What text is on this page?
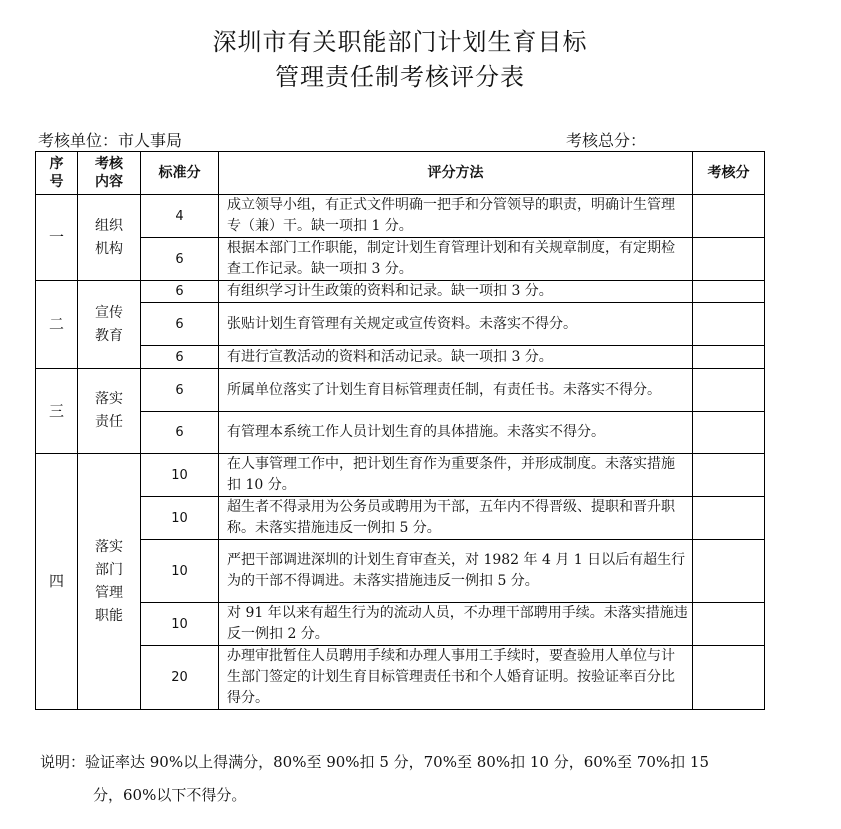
深圳市有关职能部门计划生育目标
管理责任制考核评分表
考核单位：市人事局	考核总分：
序号	考核内容	标准分	评分方法	考核分
一	组织机构	4	成立领导小组，有正式文件明确一把手和分管领导的职责，明确计生管理专（兼）干。缺一项扣 1 分。	
		6	根据本部门工作职能，制定计划生育管理计划和有关规章制度，有定期检查工作记录。缺一项扣 3 分。	
二	宣传教育	6	有组织学习计生政策的资料和记录。缺一项扣 3 分。	
		6	张贴计划生育管理有关规定或宣传资料。未落实不得分。	
		6	有进行宣教活动的资料和活动记录。缺一项扣 3 分。	
三	落实责任	6	所属单位落实了计划生育目标管理责任制，有责任书。未落实不得分。	
		6	有管理本系统工作人员计划生育的具体措施。未落实不得分。	
四	落实部门管理职能	10	在人事管理工作中，把计划生育作为重要条件，并形成制度。未落实措施扣 10 分。	
		10	超生者不得录用为公务员或聘用为干部，五年内不得晋级、提职和晋升职称。未落实措施违反一例扣 5 分。	
		10	严把干部调进深圳的计划生育审查关，对 1982 年 4 月 1 日以后有超生行为的干部不得调进。未落实措施违反一例扣 5 分。	
		10	对 91 年以来有超生行为的流动人员，不办理干部聘用手续。未落实措施违反一例扣 2 分。	
		20	办理审批暂住人员聘用手续和办理人事用工手续时，要查验用人单位与计生部门签定的计划生育目标管理责任书和个人婚育证明。按验证率百分比得分。	
说明：验证率达 90%以上得满分，80%至 90%扣 5 分，70%至 80%扣 10 分，60%至 70%扣 15
分，60%以下不得分。
